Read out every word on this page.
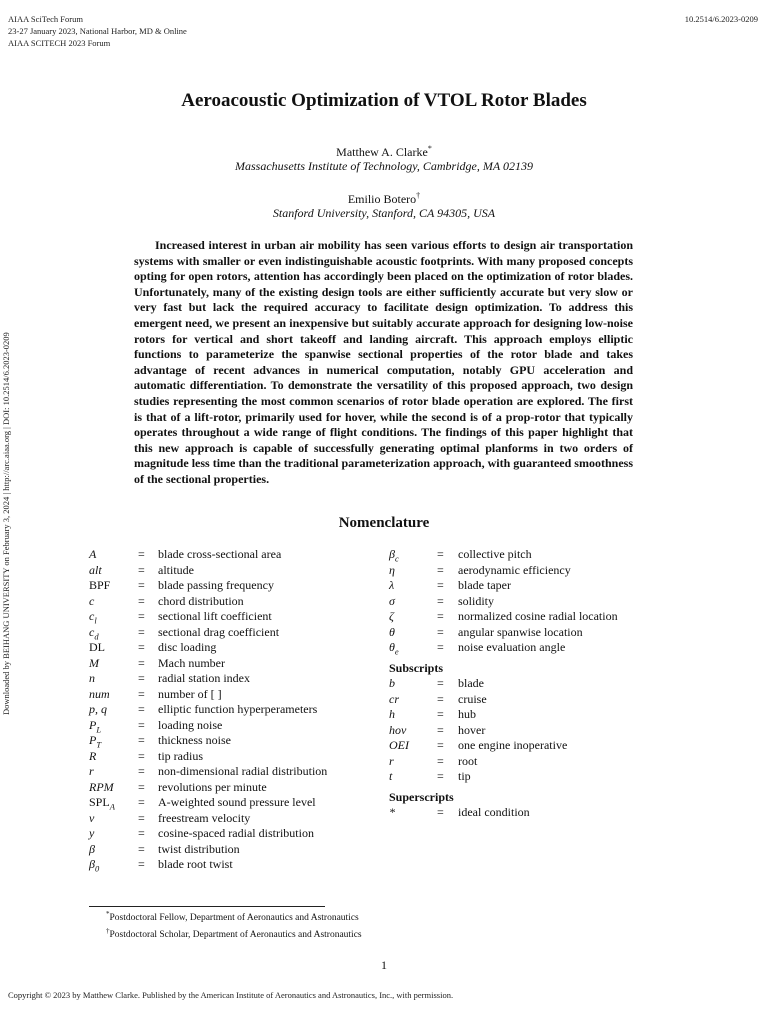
AIAA SciTech Forum
23-27 January 2023, National Harbor, MD & Online
AIAA SCITECH 2023 Forum
10.2514/6.2023-0209
Downloaded by BEIHANG UNIVERSITY on February 3, 2024 | http://arc.aiaa.org | DOI: 10.2514/6.2023-0209
Aeroacoustic Optimization of VTOL Rotor Blades
Matthew A. Clarke*
Massachusetts Institute of Technology, Cambridge, MA 02139
Emilio Botero†
Stanford University, Stanford, CA 94305, USA

Increased interest in urban air mobility has seen various efforts to design air transportation systems with smaller or even indistinguishable acoustic footprints. With many proposed concepts opting for open rotors, attention has accordingly been placed on the optimization of rotor blades. Unfortunately, many of the existing design tools are either sufficiently accurate but very slow or very fast but lack the required accuracy to facilitate design optimization. To address this emergent need, we present an inexpensive but suitably accurate approach for designing low-noise rotors for vertical and short takeoff and landing aircraft. This approach employs elliptic functions to parameterize the spanwise sectional properties of the rotor blade and takes advantage of recent advances in numerical computation, notably GPU acceleration and automatic differentiation. To demonstrate the versatility of this proposed approach, two design studies representing the most common scenarios of rotor blade operation are explored. The first is that of a lift-rotor, primarily used for hover, while the second is of a prop-rotor that typically operates throughout a wide range of flight conditions. The findings of this paper highlight that this new approach is capable of successfully generating optimal planforms in two orders of magnitude less time than the traditional parameterization approach, with guaranteed smoothness of the sectional properties.

Nomenclature
A	= blade cross-sectional area
alt	= altitude
BPF = blade passing frequency
c	= chord distribution
$c_l$	= sectional lift coefficient
$c_d$	= sectional drag coefficient
DL	= disc loading
M	= Mach number
n	= radial station index
num = number of [ ]
p, q	= elliptic function hyperperameters
$P_L$	= loading noise
$P_T$	= thickness noise
R	= tip radius
r	= non-dimensional radial distribution
RPM = revolutions per minute
$SPL_A$ = A-weighted sound pressure level
v	= freestream velocity
y	= cosine-spaced radial distribution
β	= twist distribution
$\beta_0$	= blade root twist
$\beta_c$	= collective pitch
η	= aerodynamic efficiency
λ	= blade taper
σ	= solidity
ζ	= normalized cosine radial location
θ	= angular spanwise location
$\theta_e$	= noise evaluation angle
Subscripts
b	= blade
cr	= cruise
h	= hub
hov	= hover
OEI = one engine inoperative
r	= root
t	= tip
Superscripts
*	= ideal condition
*Postdoctoral Fellow, Department of Aeronautics and Astronautics
†Postdoctoral Scholar, Department of Aeronautics and Astronautics
1
Copyright © 2023 by Matthew Clarke. Published by the American Institute of Aeronautics and Astronautics, Inc., with permission.
